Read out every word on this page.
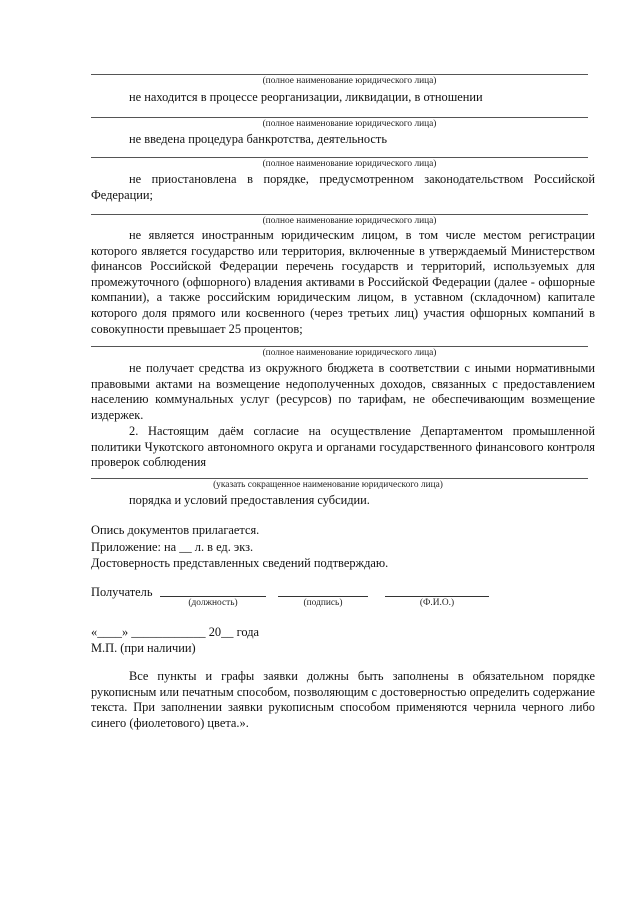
(полное наименование юридического лица)

не находится в процессе реорганизации, ликвидации, в отношении

(полное наименование юридического лица)

не введена процедура банкротства, деятельность

(полное наименование юридического лица)

не приостановлена в порядке, предусмотренном законодательством Российской Федерации;

(полное наименование юридического лица)

не является иностранным юридическим лицом, в том числе местом регистрации которого является государство или территория, включенные в утверждаемый Министерством финансов Российской Федерации перечень государств и территорий, используемых для промежуточного (офшорного) владения активами в Российской Федерации (далее - офшорные компании), а также российским юридическим лицом, в уставном (складочном) капитале которого доля прямого или косвенного (через третьих лиц) участия офшорных компаний в совокупности превышает 25 процентов;

(полное наименование юридического лица)

не получает средства из окружного бюджета в соответствии с иными нормативными правовыми актами на возмещение недополученных доходов, связанных с предоставлением населению коммунальных услуг (ресурсов) по тарифам, не обеспечивающим возмещение издержек.

2. Настоящим даём согласие на осуществление Департаментом промышленной политики Чукотского автономного округа и органами государственного финансового контроля проверок соблюдения

(указать сокращенное наименование юридического лица)

порядка и условий предоставления субсидии.

Опись документов прилагается.

Приложение: на __ л. в ед. экз.

Достоверность представленных сведений подтверждаю.

Получатель

(должность)	(подпись)	(Ф.И.О.)

«____» ____________ 20__ года

М.П. (при наличии)

Все пункты и графы заявки должны быть заполнены в обязательном порядке рукописным или печатным способом, позволяющим с достоверностью определить содержание текста. При заполнении заявки рукописным способом применяются чернила черного либо синего (фиолетового) цвета.».
